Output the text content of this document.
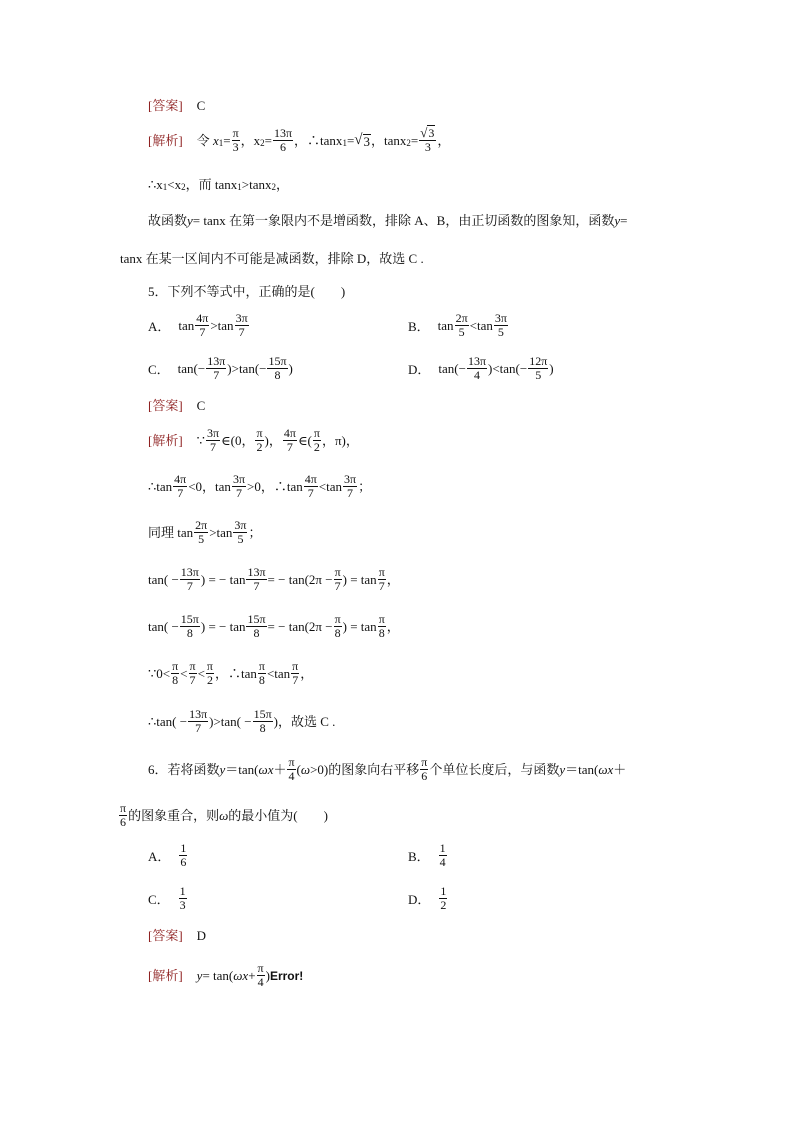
[答案] C
[解析] 令
x $1 = \frac{\pi}{3}$ ，x $2 = \frac{13\pi}{6}$ ，∴tanx 1 = √ 3 ，tanx $2 = \frac{√3}{3}$ ，
∴x 1 <x 2 ，而 tanx 1 >tanx 2 ，
故函数 y = tanx 在第一象限内不是增函数，排除 A、B，由正切函数的图象知，函数 y =
tanx 在某一区间内不可能是减函数，排除 D，故选 C .
5．下列不等式中，正确的是(　　)
A． $\tan \frac{4\pi}{7} >\tan \frac{3\pi}{7}$	B． $\tan \frac{2\pi}{5} <\tan \frac{3\pi}{5}$
C． $\tan(- \frac{13\pi}{7} )>\tan(- \frac{15\pi}{8}$ )	D． $\tan(- \frac{13\pi}{4} )<\tan(- \frac{12\pi}{5}$ )
[答案] C
[解析] ∵ $\frac{3\pi}{7}$ ∈(0， $\frac{\pi}{2}$ )， $\frac{4\pi}{7}$ ∈( $\frac{\pi}{2}$ ，π)，
∴tan $\frac{4\pi}{7} <0$，$\tan \frac{3\pi}{7} >0$，∴tan $\frac{4\pi}{7} <\tan \frac{3\pi}{7}$ ；
同理 $\tan \frac{2\pi}{5} >\tan \frac{3\pi}{5}$ ；
$\tan( - \frac{13\pi}{7}$ ) = − $\tan \frac{13\pi}{7}$ = − $\tan(2\pi - \frac{\pi}{7}$ ) = $\tan \frac{\pi}{7}$ ，
$\tan( - \frac{15\pi}{8}$ ) = − $\tan \frac{15\pi}{8}$ = − $\tan(2\pi - \frac{\pi}{8}$ ) = $\tan \frac{\pi}{8}$ ，
∵0< $\frac{\pi}{8} < \frac{\pi}{7} < \frac{\pi}{2}$ ，∴tan $\frac{\pi}{8} <\tan \frac{\pi}{7}$ ，
∴tan( − $\frac{13\pi}{7} )>\tan( - \frac{15\pi}{8}$ )，故选 C .
6．若将函数 y ＝tan( $\omega x + \frac{\pi}{4}$ ( ω >0)的图象向右平移 $\frac{\pi}{6}$ 个单位长度后，与函数 y ＝tan( ωx ＋
$\frac{\pi}{6}$ 的图象重合，则 ω 的最小值为(　　)
A． $\frac{1}{6}$	B． $\frac{1}{4}$
C． $\frac{1}{3}$	D． $\frac{1}{2}$
[答案] D
[解析] y = tan( $\omega x + \frac{\pi}{4}$ ) Error!
